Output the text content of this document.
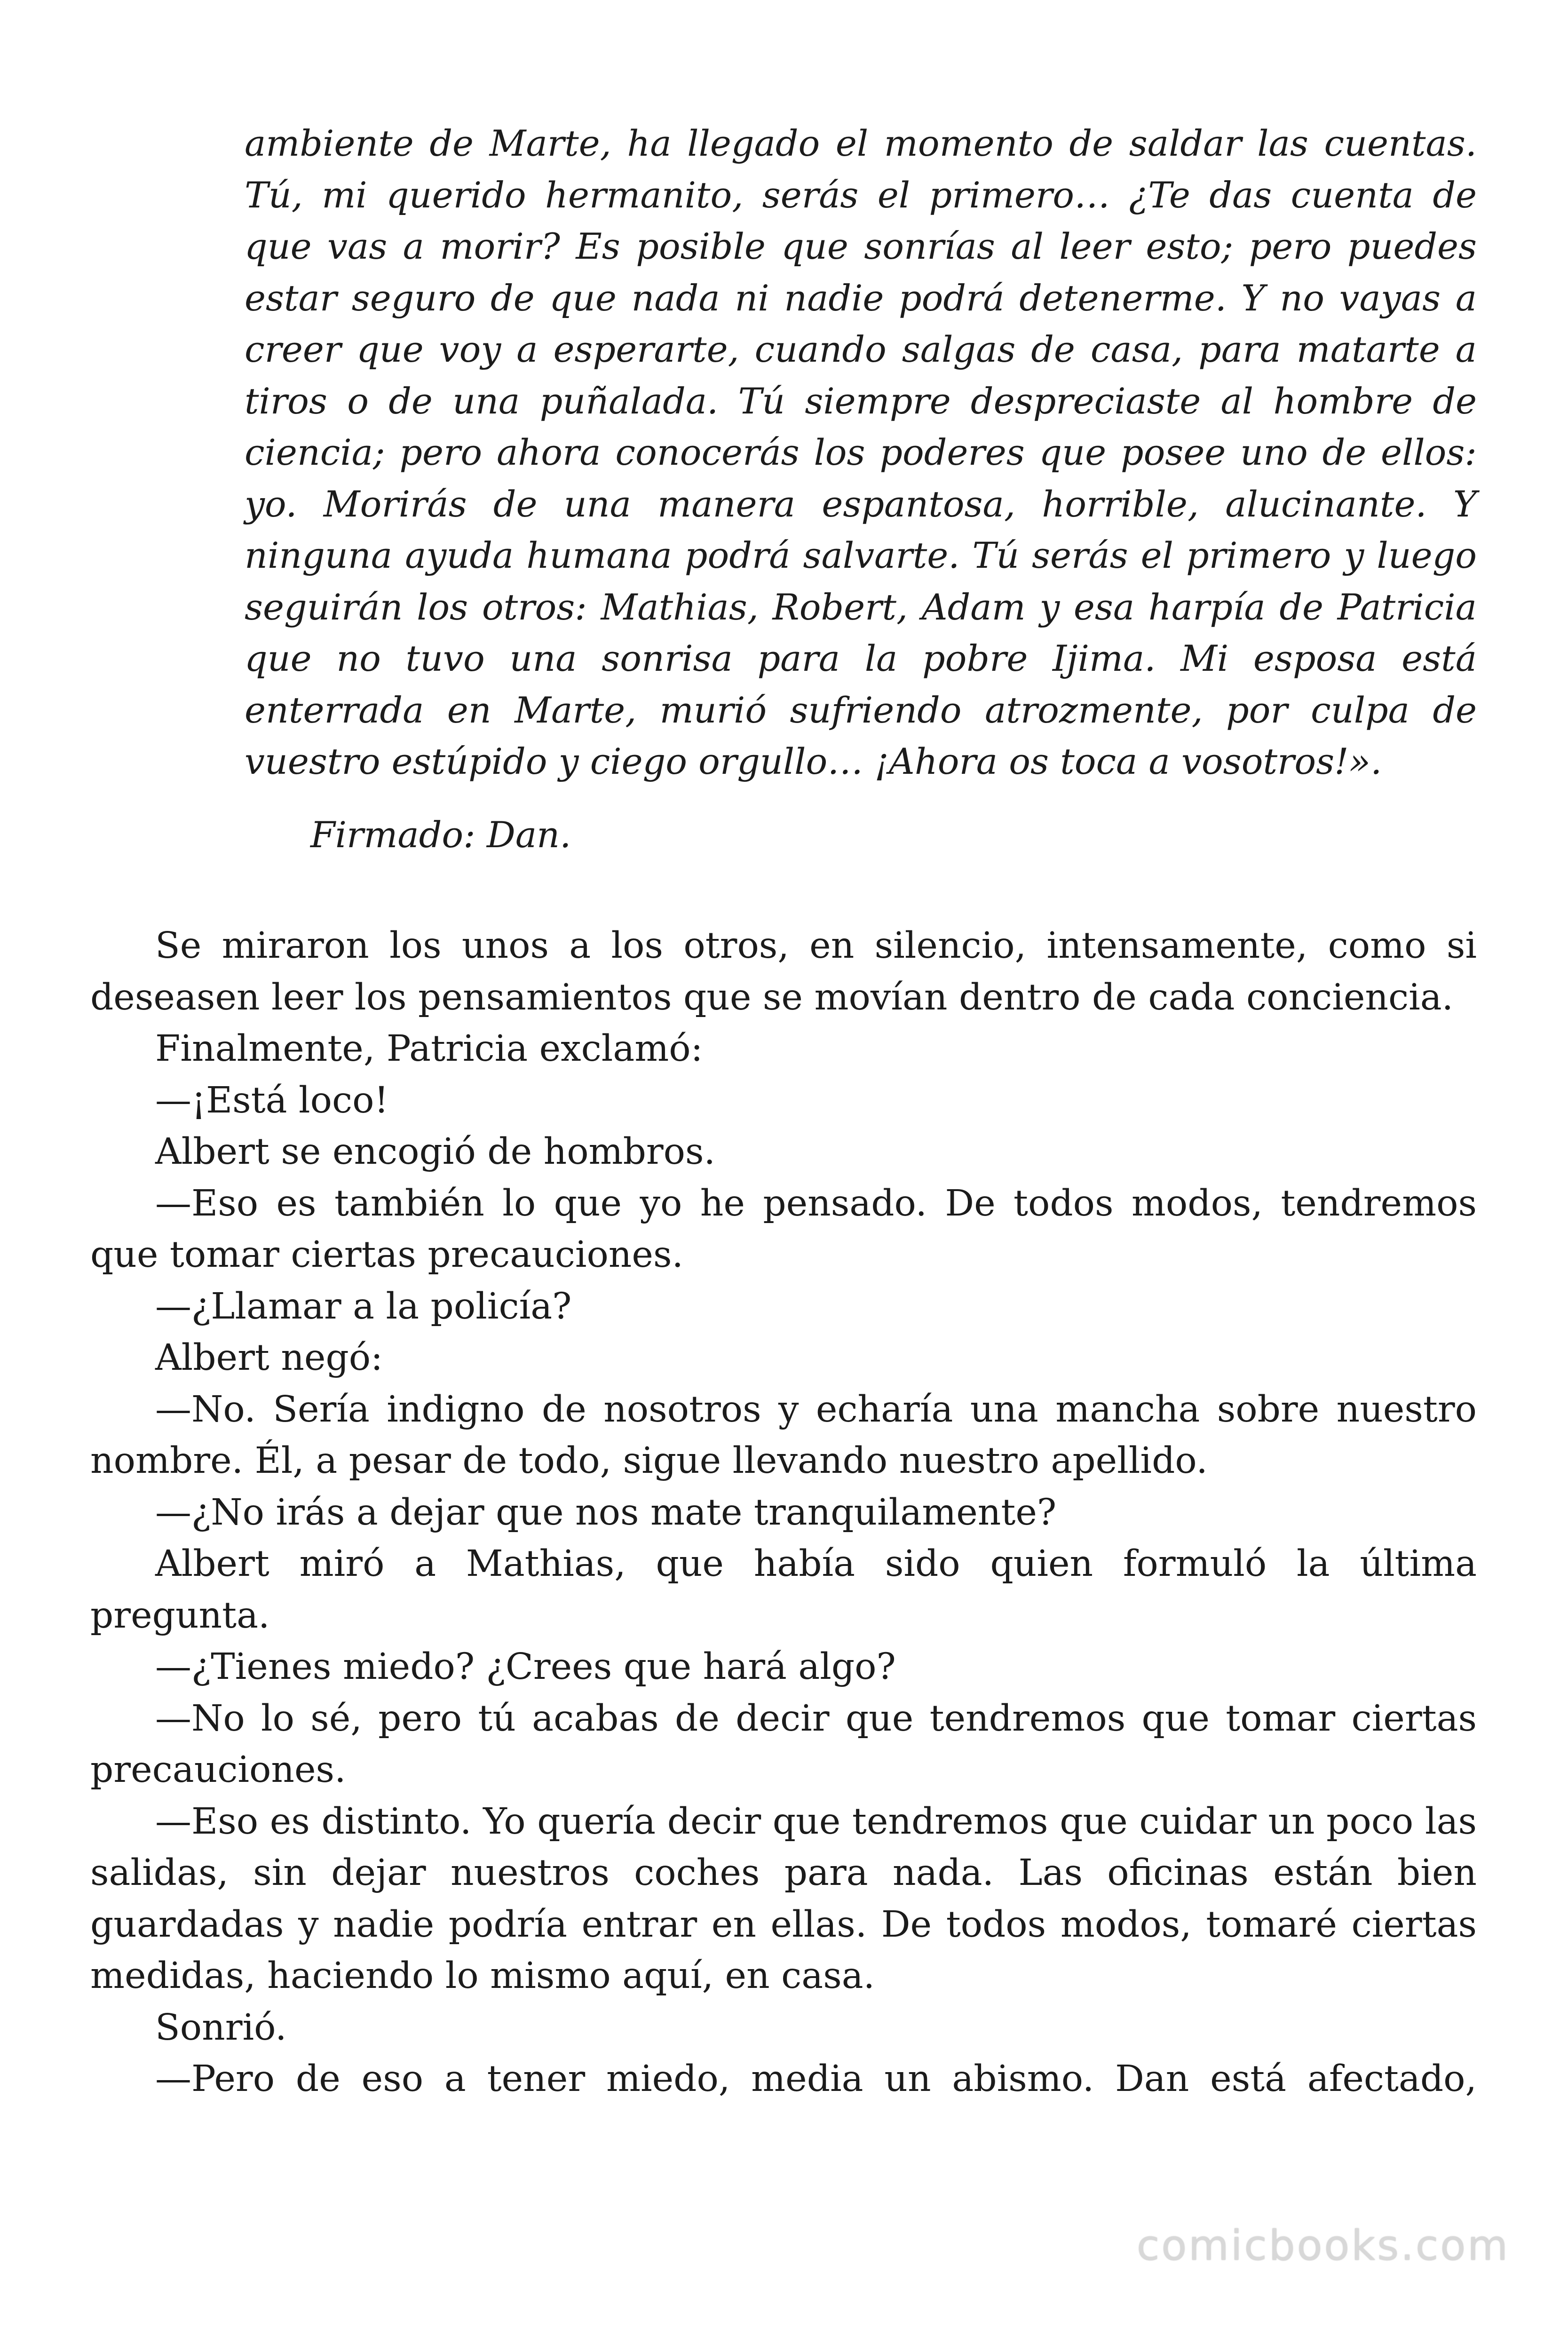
ambiente de Marte, ha llegado el momento de saldar las cuentas. Tú, mi querido hermanito, serás el primero… ¿Te das cuenta de que vas a morir? Es posible que sonrías al leer esto; pero puedes estar seguro de que nada ni nadie podrá detenerme. Y no vayas a creer que voy a esperarte, cuando salgas de casa, para matarte a tiros o de una puñalada. Tú siempre despreciaste al hombre de ciencia; pero ahora conocerás los poderes que posee uno de ellos: yo. Morirás de una manera espantosa, horrible, alucinante. Y ninguna ayuda humana podrá salvarte. Tú serás el primero y luego seguirán los otros: Mathias, Robert, Adam y esa harpía de Patricia que no tuvo una sonrisa para la pobre Ijima. Mi esposa está enterrada en Marte, murió sufriendo atrozmente, por culpa de vuestro estúpido y ciego orgullo… ¡Ahora os toca a vosotros!».

Firmado: Dan.

Se miraron los unos a los otros, en silencio, intensamente, como si deseasen leer los pensamientos que se movían dentro de cada conciencia.

Finalmente, Patricia exclamó:

—¡Está loco!

Albert se encogió de hombros.

—Eso es también lo que yo he pensado. De todos modos, tendremos que tomar ciertas precauciones.

—¿Llamar a la policía?

Albert negó:

—No. Sería indigno de nosotros y echaría una mancha sobre nuestro nombre. Él, a pesar de todo, sigue llevando nuestro apellido.

—¿No irás a dejar que nos mate tranquilamente?

Albert miró a Mathias, que había sido quien formuló la última pregunta.

—¿Tienes miedo? ¿Crees que hará algo?

—No lo sé, pero tú acabas de decir que tendremos que tomar ciertas precauciones.

—Eso es distinto. Yo quería decir que tendremos que cuidar un poco las salidas, sin dejar nuestros coches para nada. Las oficinas están bien guardadas y nadie podría entrar en ellas. De todos modos, tomaré ciertas medidas, haciendo lo mismo aquí, en casa.

Sonrió.

—Pero de eso a tener miedo, media un abismo. Dan está afectado,

comicbooks.com
